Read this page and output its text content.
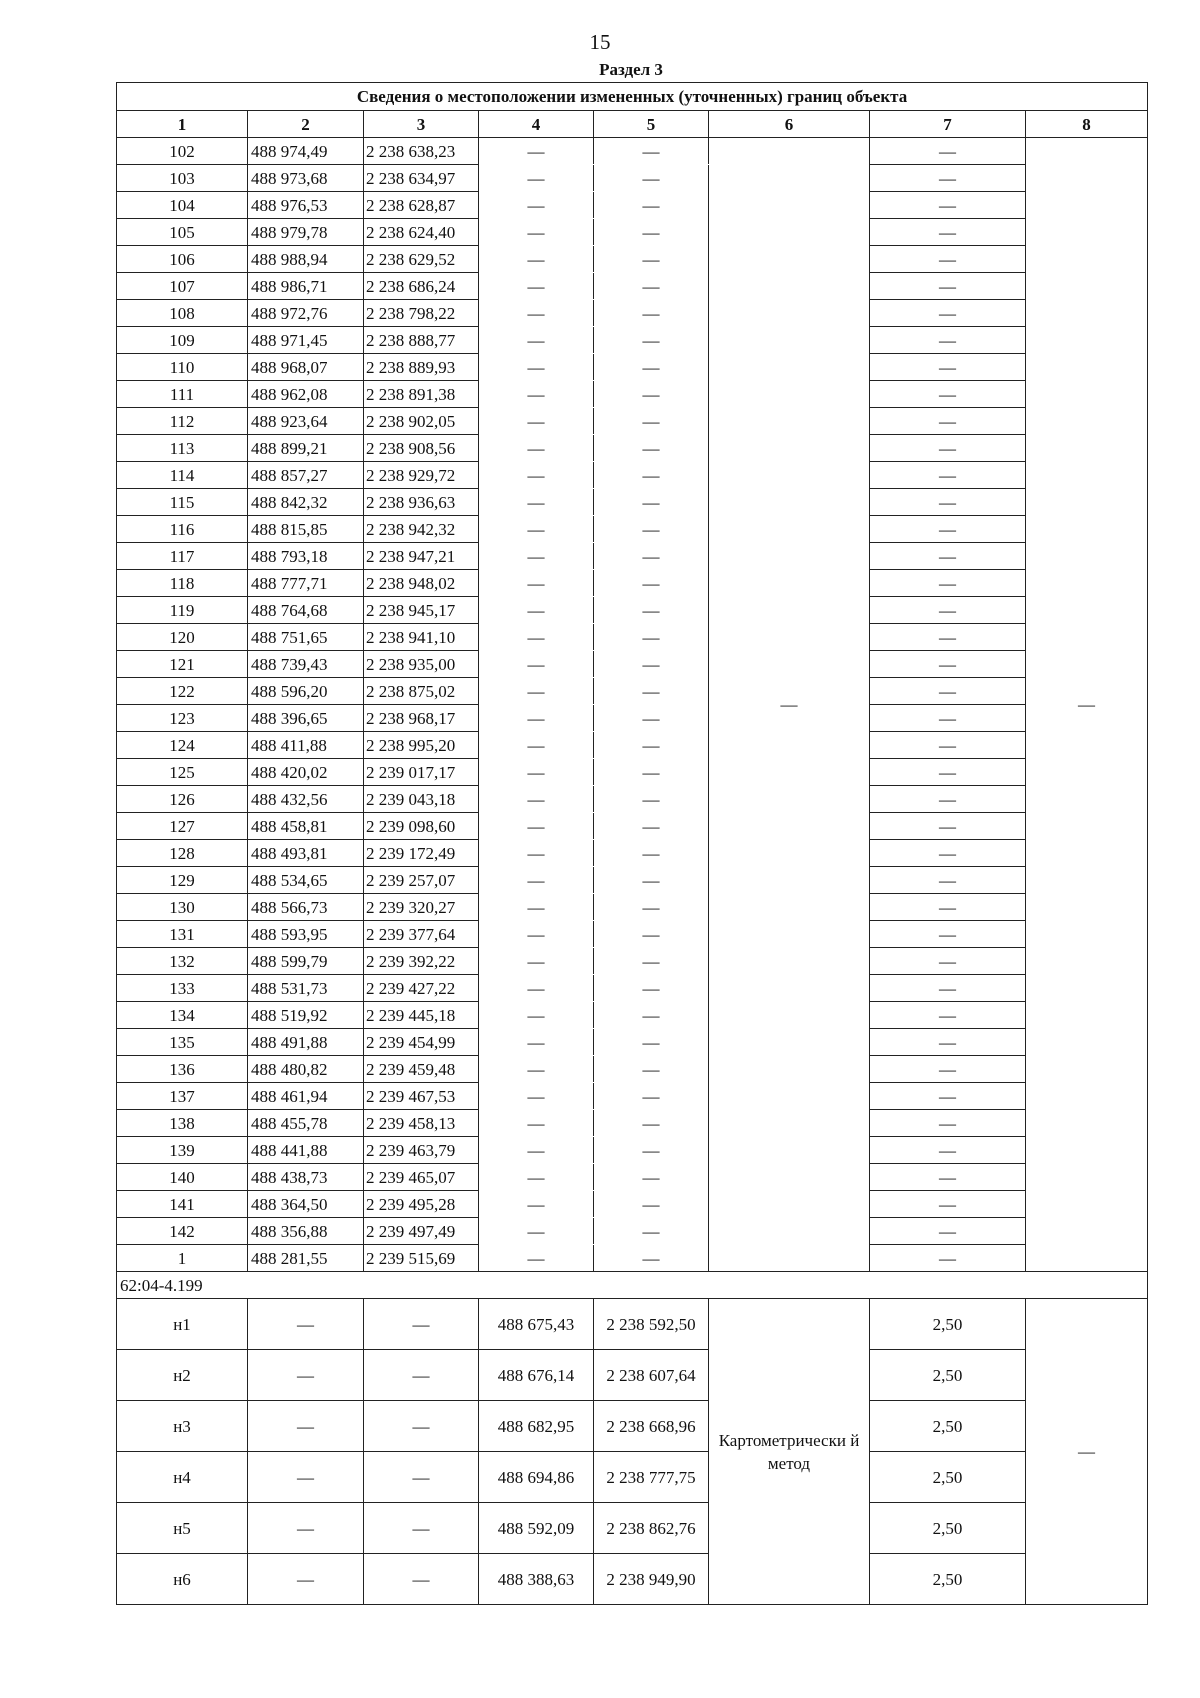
15
Раздел 3
Сведения о местоположении измененных (уточненных) границ объекта							
1	2	3	4	5	6	7	8
102	488 974,49	2 238 638,23	—	—	—	—	—
103	488 973,68	2 238 634,97	—	—		—	
104	488 976,53	2 238 628,87	—	—		—	
105	488 979,78	2 238 624,40	—	—		—	
106	488 988,94	2 238 629,52	—	—		—	
107	488 986,71	2 238 686,24	—	—		—	
108	488 972,76	2 238 798,22	—	—		—	
109	488 971,45	2 238 888,77	—	—		—	
110	488 968,07	2 238 889,93	—	—		—	
111	488 962,08	2 238 891,38	—	—		—	
112	488 923,64	2 238 902,05	—	—		—	
113	488 899,21	2 238 908,56	—	—		—	
114	488 857,27	2 238 929,72	—	—		—	
115	488 842,32	2 238 936,63	—	—		—	
116	488 815,85	2 238 942,32	—	—		—	
117	488 793,18	2 238 947,21	—	—		—	
118	488 777,71	2 238 948,02	—	—		—	
119	488 764,68	2 238 945,17	—	—		—	
120	488 751,65	2 238 941,10	—	—		—	
121	488 739,43	2 238 935,00	—	—		—	
122	488 596,20	2 238 875,02	—	—		—	
123	488 396,65	2 238 968,17	—	—		—	
124	488 411,88	2 238 995,20	—	—		—	
125	488 420,02	2 239 017,17	—	—		—	
126	488 432,56	2 239 043,18	—	—		—	
127	488 458,81	2 239 098,60	—	—		—	
128	488 493,81	2 239 172,49	—	—		—	
129	488 534,65	2 239 257,07	—	—		—	
130	488 566,73	2 239 320,27	—	—		—	
131	488 593,95	2 239 377,64	—	—		—	
132	488 599,79	2 239 392,22	—	—		—	
133	488 531,73	2 239 427,22	—	—		—	
134	488 519,92	2 239 445,18	—	—		—	
135	488 491,88	2 239 454,99	—	—		—	
136	488 480,82	2 239 459,48	—	—		—	
137	488 461,94	2 239 467,53	—	—		—	
138	488 455,78	2 239 458,13	—	—		—	
139	488 441,88	2 239 463,79	—	—		—	
140	488 438,73	2 239 465,07	—	—		—	
141	488 364,50	2 239 495,28	—	—		—	
142	488 356,88	2 239 497,49	—	—		—	
1	488 281,55	2 239 515,69	—	—		—	
62:04-4.199							
н1	—	—	488 675,43	2 238 592,50	Картометрически й метод	2,50	—
н2	—	—	488 676,14	2 238 607,64		2,50	
н3	—	—	488 682,95	2 238 668,96		2,50	
н4	—	—	488 694,86	2 238 777,75		2,50	
н5	—	—	488 592,09	2 238 862,76		2,50	
н6	—	—	488 388,63	2 238 949,90		2,50	
